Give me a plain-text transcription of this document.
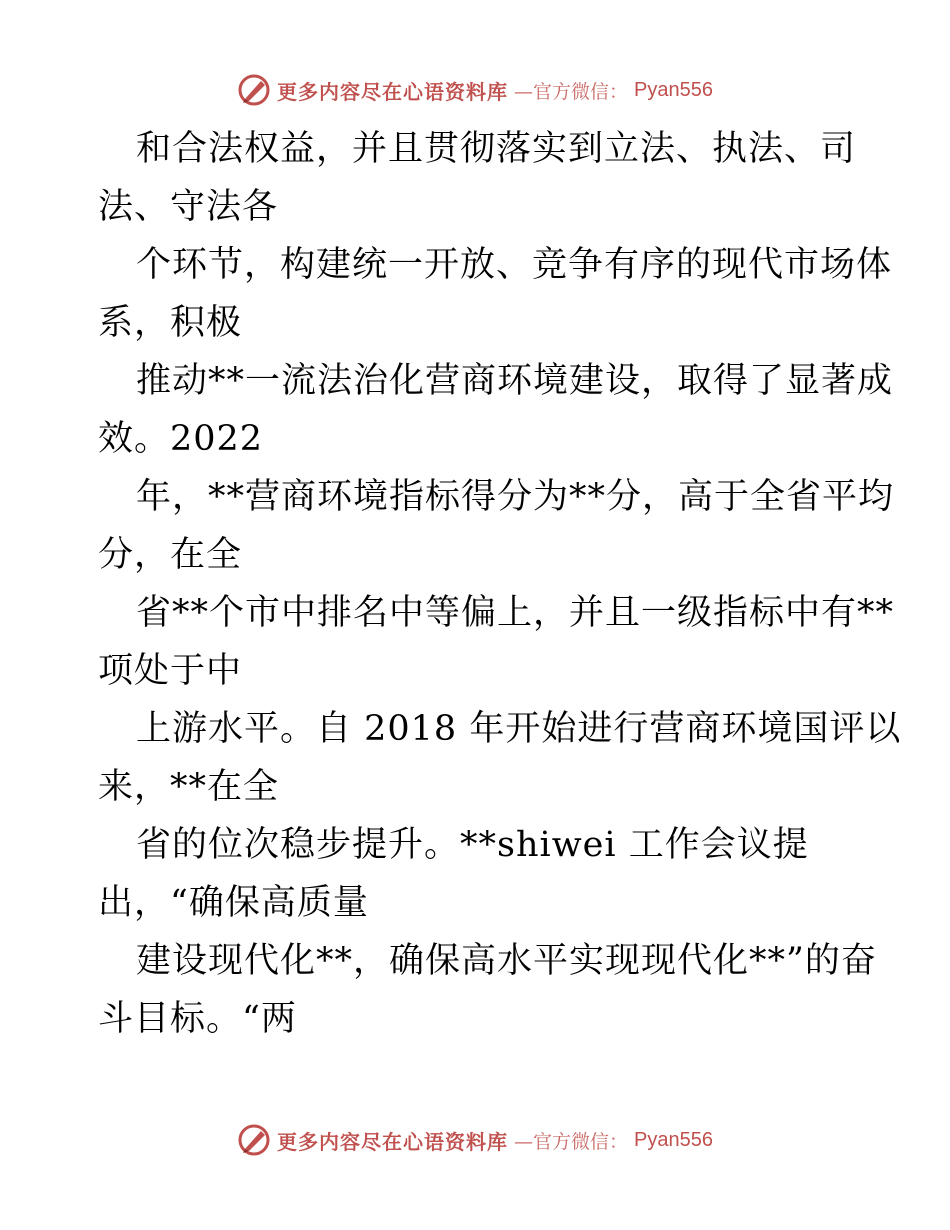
更多内容尽在心语资料库 —官方微信： Pyan556
和合法权益，并且贯彻落实到立法、执法、司
法、守法各
个环节，构建统一开放、竞争有序的现代市场体
系，积极
推动**一流法治化营商环境建设，取得了显著成
效。2022
年，**营商环境指标得分为**分，高于全省平均
分，在全
省**个市中排名中等偏上，并且一级指标中有**
项处于中
上游水平。自 2018 年开始进行营商环境国评以
来，**在全
省的位次稳步提升。**shiwei 工作会议提
出，“确保高质量
建设现代化**，确保高水平实现现代化**”的奋
斗目标。“两
更多内容尽在心语资料库 —官方微信： Pyan556
